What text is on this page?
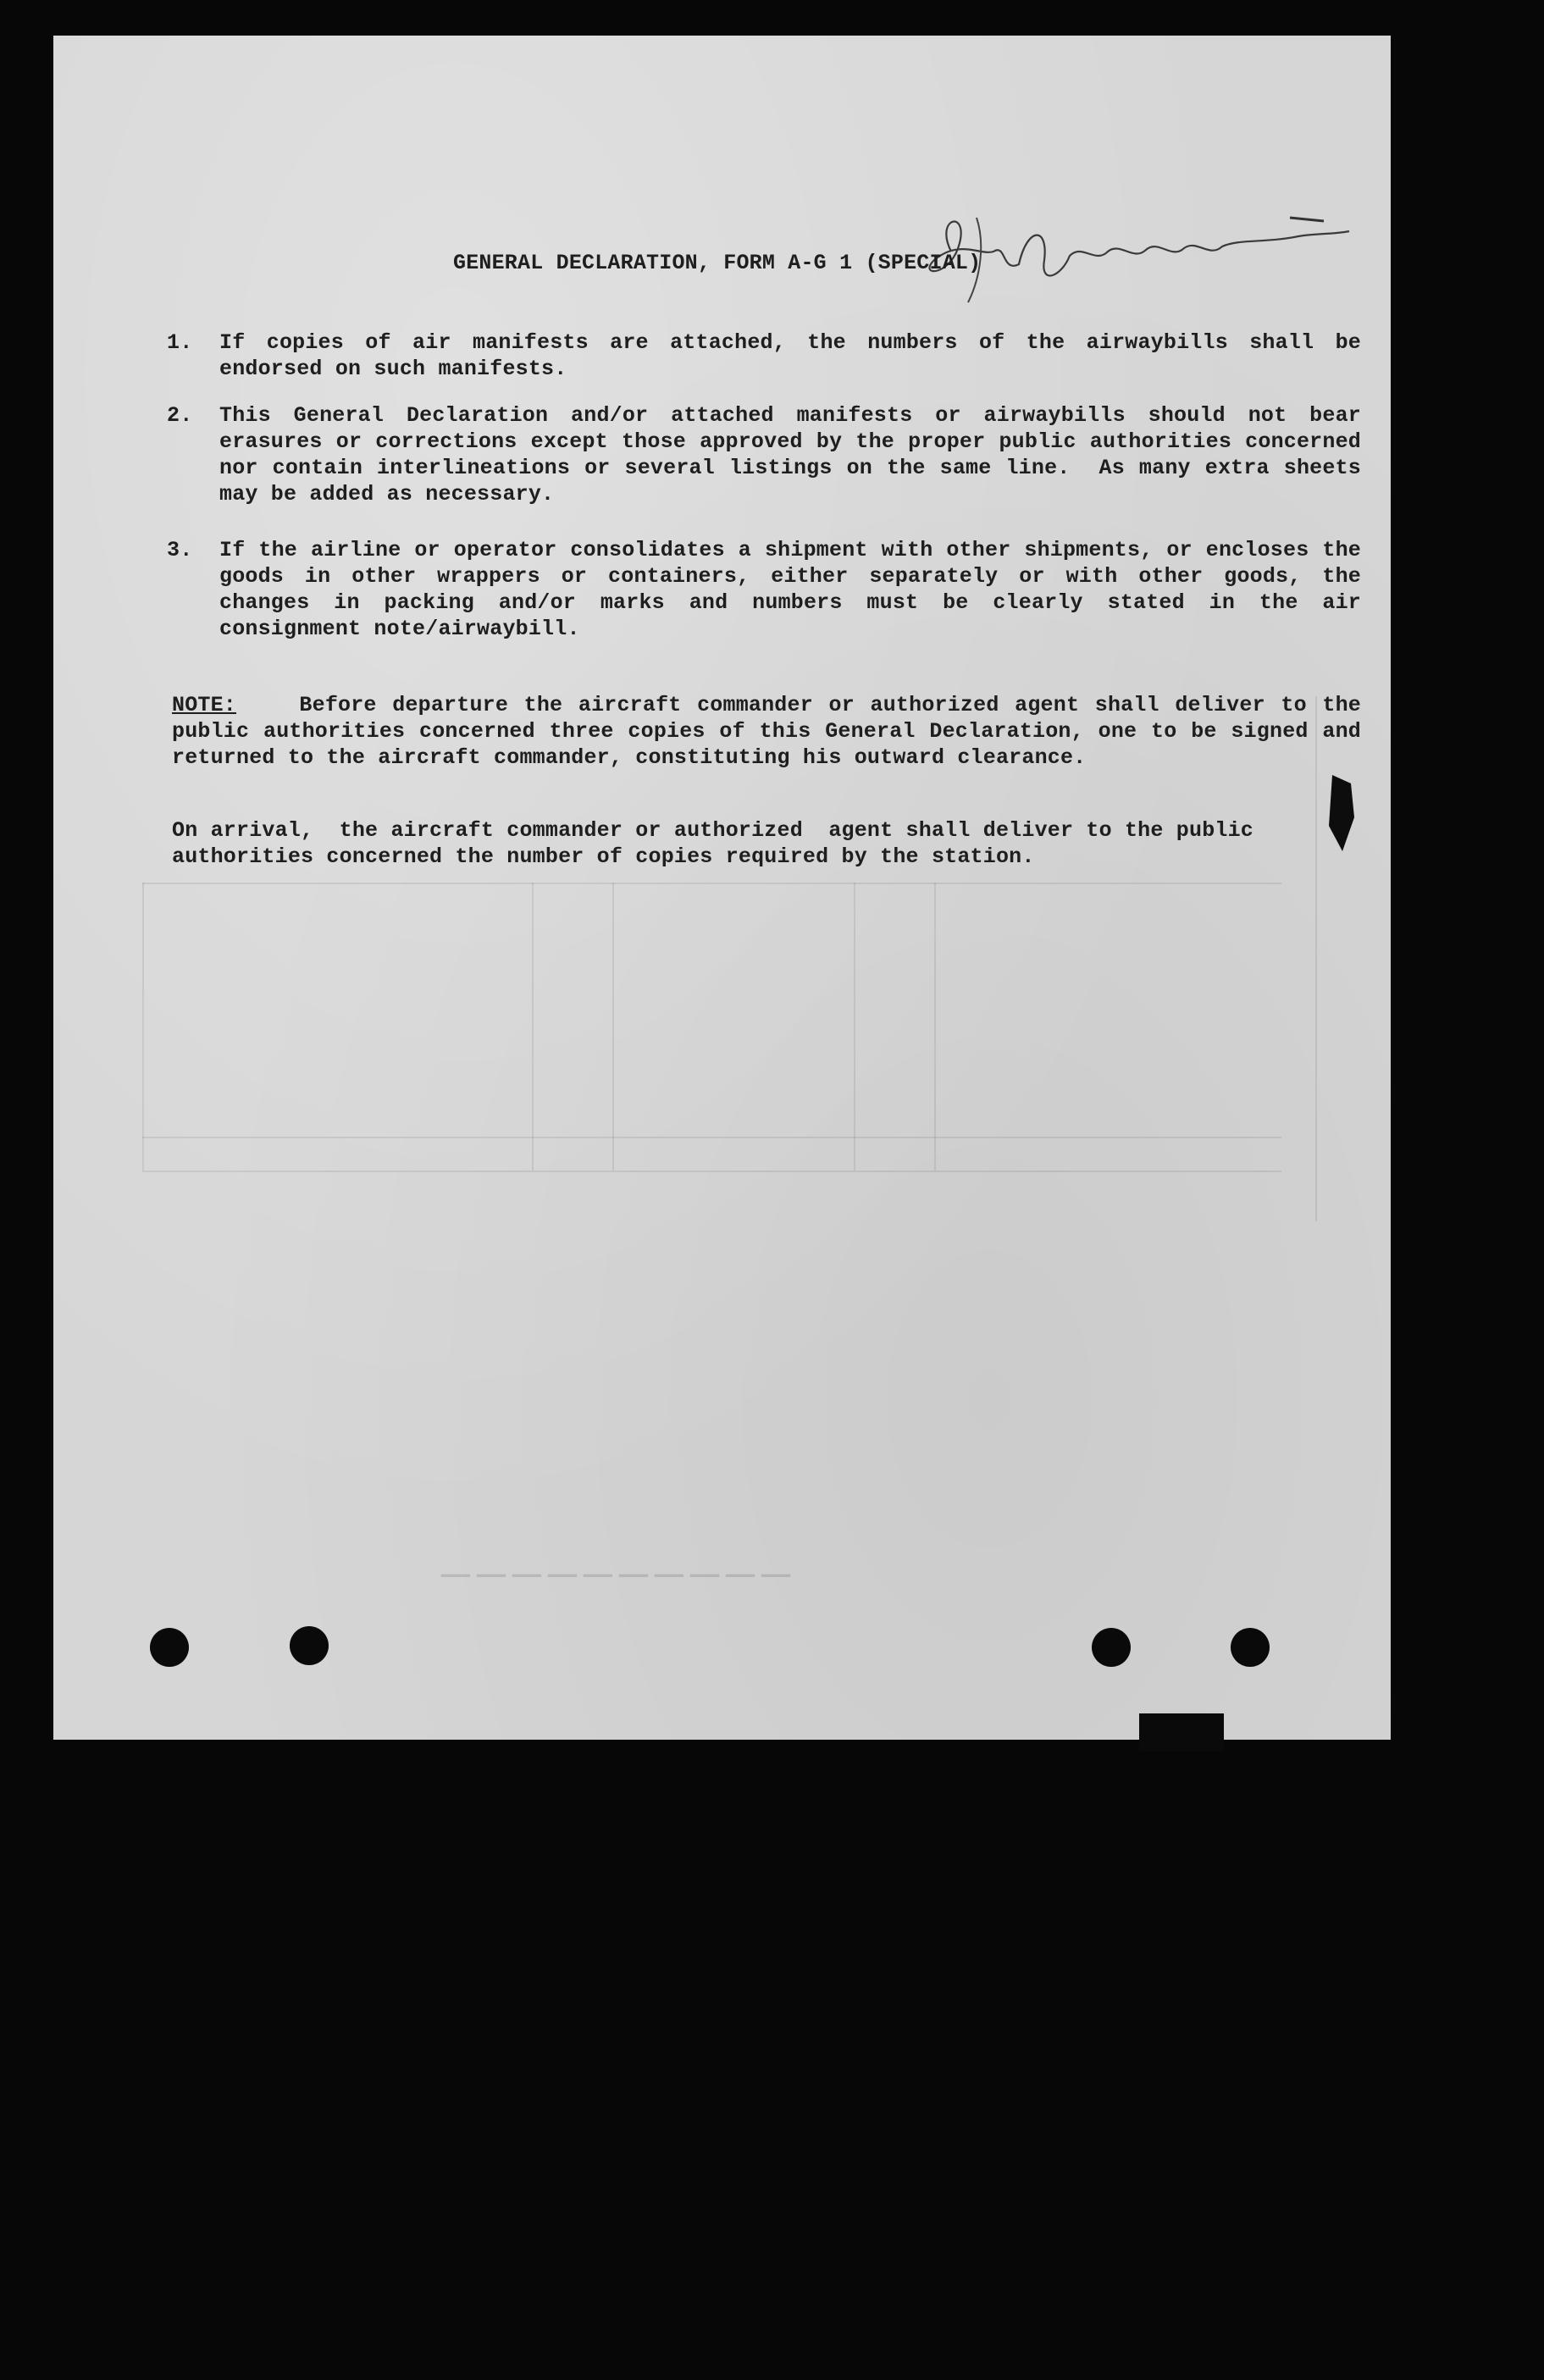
──────────
GENERAL DECLARATION, FORM A-G 1 (SPECIAL)

1.

If copies of air manifests are attached, the numbers of the airwaybills shall be endorsed on such manifests.

2.

This General Declaration and/or attached manifests or airwaybills should not bear erasures or corrections except those approved by the proper public authorities concerned nor contain interlineations or several listings on the same line.  As many extra sheets may be added as necessary.

3.

If the airline or operator consolidates a shipment with other shipments, or encloses the goods in other wrappers or containers, either separately or with other goods, the changes in packing and/or marks and numbers must be clearly stated in the air consignment note/airwaybill.

NOTE:    Before departure the aircraft commander or authorized agent shall deliver to the public authorities concerned three copies of this General Declaration, one to be signed and returned to the aircraft commander, constituting his outward clearance.
On arrival,  the aircraft commander or authorized  agent shall deliver to the public authorities concerned the number of copies required by the station.
